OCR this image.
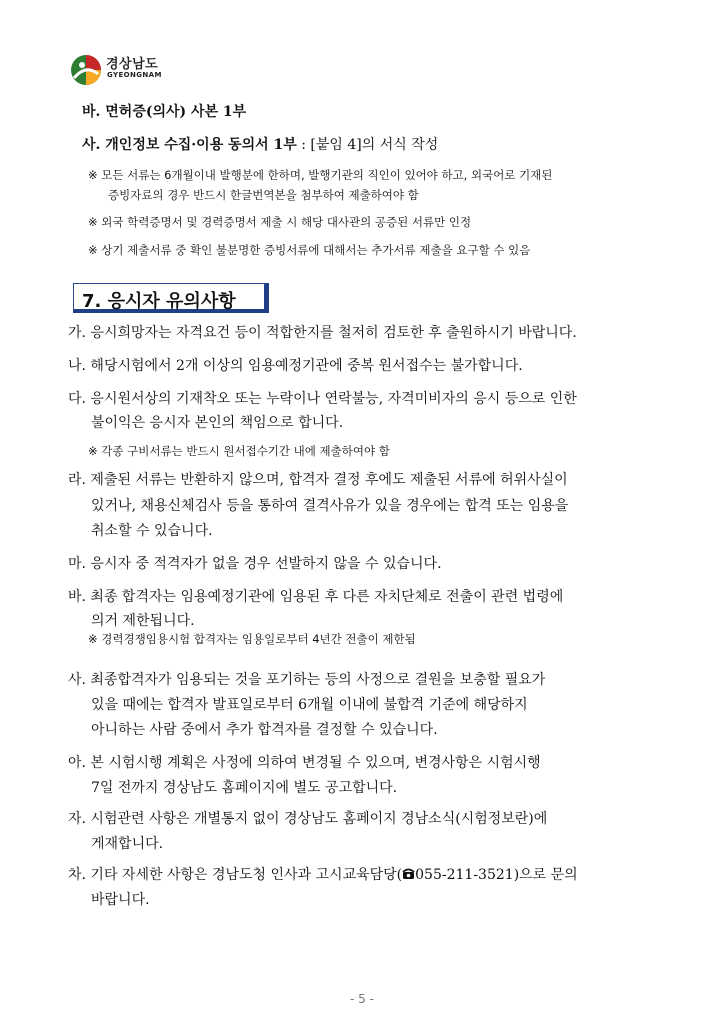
경상남도
GYEONGNAM
바. 면허증(의사) 사본 1부
사. 개인정보 수집·이용 동의서 1부 : [붙임 4]의 서식 작성
※ 모든 서류는 6개월이내 발행분에 한하며, 발행기관의 직인이 있어야 하고, 외국어로 기재된
증빙자료의 경우 반드시 한글번역본을 첨부하여 제출하여야 함
※ 외국 학력증명서 및 경력증명서 제출 시 해당 대사관의 공증된 서류만 인정
※ 상기 제출서류 중 확인 불분명한 증빙서류에 대해서는 추가서류 제출을 요구할 수 있음
7. 응시자 유의사항
가. 응시희망자는 자격요건 등이 적합한지를 철저히 검토한 후 출원하시기 바랍니다.
나. 해당시험에서 2개 이상의 임용예정기관에 중복 원서접수는 불가합니다.
다. 응시원서상의 기재착오 또는 누락이나 연락불능, 자격미비자의 응시 등으로 인한
불이익은 응시자 본인의 책임으로 합니다.
※ 각종 구비서류는 반드시 원서접수기간 내에 제출하여야 함
라. 제출된 서류는 반환하지 않으며, 합격자 결정 후에도 제출된 서류에 허위사실이
있거나, 채용신체검사 등을 통하여 결격사유가 있을 경우에는 합격 또는 임용을
취소할 수 있습니다.
마. 응시자 중 적격자가 없을 경우 선발하지 않을 수 있습니다.
바. 최종 합격자는 임용예정기관에 임용된 후 다른 자치단체로 전출이 관련 법령에
의거 제한됩니다.
※ 경력경쟁임용시험 합격자는 임용일로부터 4년간 전출이 제한됨
사. 최종합격자가 임용되는 것을 포기하는 등의 사정으로 결원을 보충할 필요가
있을 때에는 합격자 발표일로부터 6개월 이내에 불합격 기준에 해당하지
아니하는 사람 중에서 추가 합격자를 결정할 수 있습니다.
아. 본 시험시행 계획은 사정에 의하여 변경될 수 있으며, 변경사항은 시험시행
7일 전까지 경상남도 홈페이지에 별도 공고합니다.
자. 시험관련 사항은 개별통지 없이 경상남도 홈페이지 경남소식(시험정보란)에
게재합니다.
차. 기타 자세한 사항은 경남도청 인사과 고시교육담당( 055-211-3521)으로 문의
바랍니다.
- 5 -
